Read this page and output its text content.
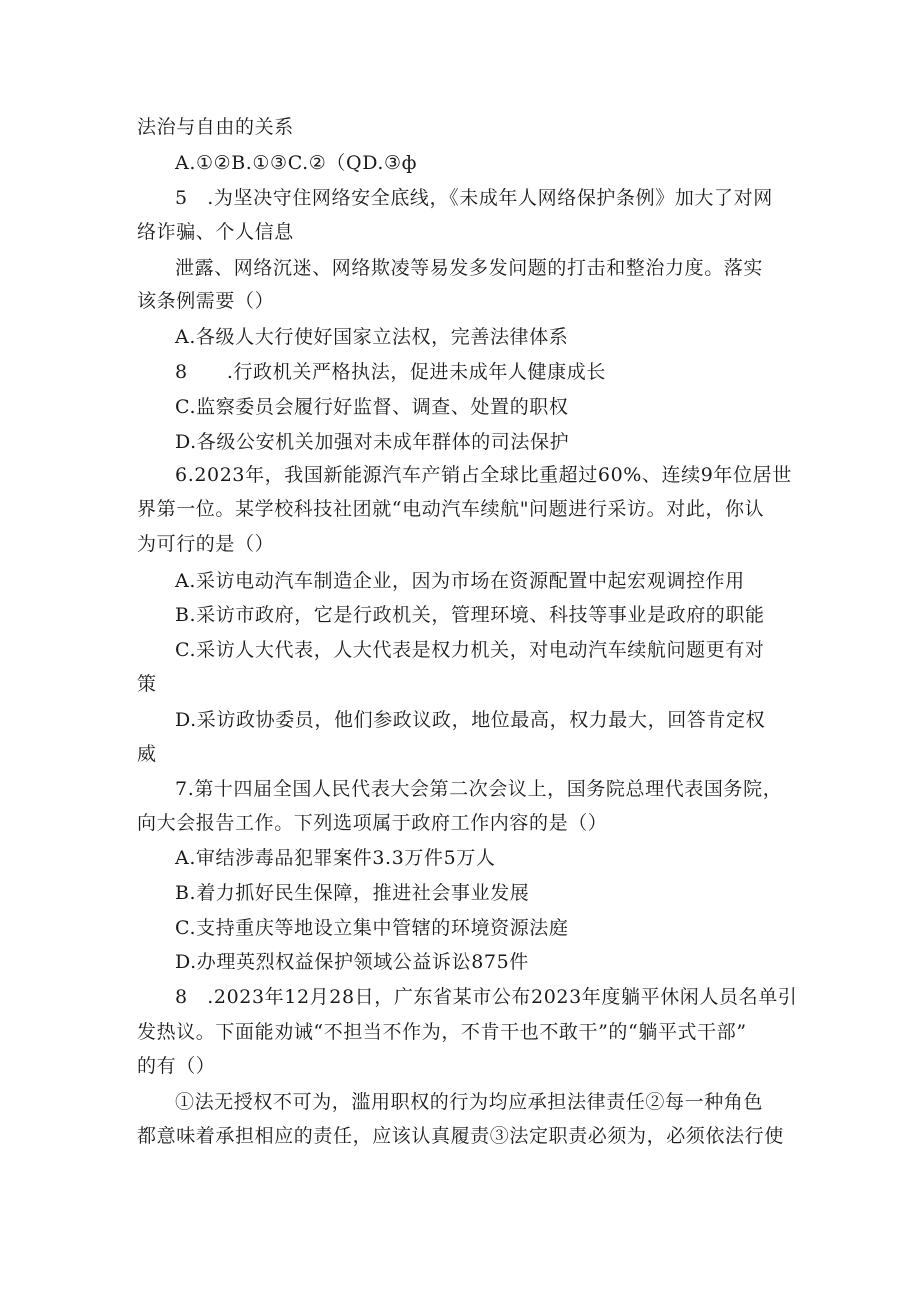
法治与自由的关系
A.①②B.①③C.②（QD.③ф
5　.为坚决守住网络安全底线，《未成年人网络保护条例》加大了对网
络诈骗、个人信息
泄露、网络沉迷、网络欺凌等易发多发问题的打击和整治力度。落实
该条例需要（）
A.各级人大行使好国家立法权，完善法律体系
8　　.行政机关严格执法，促进未成年人健康成长
C.监察委员会履行好监督、调查、处置的职权
D.各级公安机关加强对未成年群体的司法保护
6.2023年，我国新能源汽车产销占全球比重超过60%、连续9年位居世
界第一位。某学校科技社团就“电动汽车续航"问题进行采访。对此，你认
为可行的是（）
A.采访电动汽车制造企业，因为市场在资源配置中起宏观调控作用
B.采访市政府，它是行政机关，管理环境、科技等事业是政府的职能
C.采访人大代表，人大代表是权力机关，对电动汽车续航问题更有对
策
D.采访政协委员，他们参政议政，地位最高，权力最大，回答肯定权
威
7.第十四届全国人民代表大会第二次会议上，国务院总理代表国务院，
向大会报告工作。下列选项属于政府工作内容的是（）
A.审结涉毒品犯罪案件3.3万件5万人
B.着力抓好民生保障，推进社会事业发展
C.支持重庆等地设立集中管辖的环境资源法庭
D.办理英烈权益保护领域公益诉讼875件
8　.2023年12月28日，广东省某市公布2023年度躺平休闲人员名单引
发热议。下面能劝诫“不担当不作为，不肯干也不敢干”的“躺平式干部”
的有（）
①法无授权不可为，滥用职权的行为均应承担法律责任②每一种角色
都意味着承担相应的责任，应该认真履责③法定职责必须为，必须依法行使
